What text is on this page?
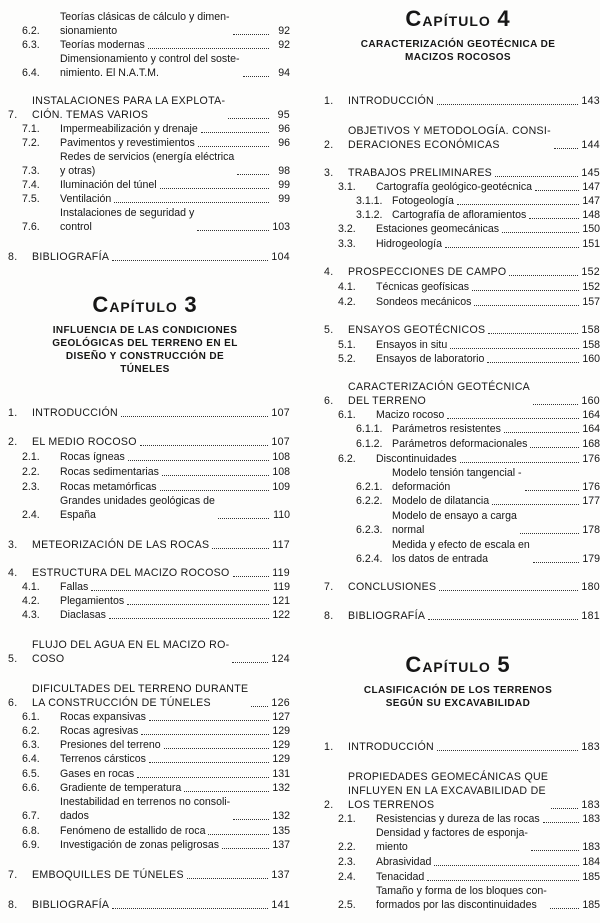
CAPÍTULO 3
INFLUENCIA DE LAS CONDICIONES
GEOLÓGICAS DEL TERRENO EN EL
DISEÑO Y CONSTRUCCIÓN DE
TÚNELES
6.2.
Teorías clásicas de cálculo y dimen-
sionamiento	92
6.3.	Teorías modernas	92
6.4.
Dimensionamiento y control del soste-
nimiento. El N.A.T.M.	94
7.
INSTALACIONES PARA LA EXPLOTA-
CIÓN. TEMAS VARIOS	95
7.1.	Impermeabilización y drenaje	96
7.2.	Pavimentos y revestimientos	96
7.3.
Redes de servicios (energía eléctrica
y otras)	98
7.4.	Iluminación del túnel	99
7.5.	Ventilación	99
7.6.
Instalaciones de seguridad y
control	103
8.	BIBLIOGRAFÍA	104
1.	INTRODUCCIÓN	107
2.	EL MEDIO ROCOSO	107
2.1.	Rocas ígneas	108
2.2.	Rocas sedimentarias	108
2.3.	Rocas metamórficas	109
2.4.
Grandes unidades geológicas de
España	110
3.	METEORIZACIÓN DE LAS ROCAS	117
4.	ESTRUCTURA DEL MACIZO ROCOSO	119
4.1.	Fallas	119
4.2.	Plegamientos	121
4.3.	Diaclasas	122
5.
FLUJO DEL AGUA EN EL MACIZO RO-
COSO	124
6.
DIFICULTADES DEL TERRENO DURANTE
LA CONSTRUCCIÓN DE TÚNELES	126
6.1.	Rocas expansivas	127
6.2.	Rocas agresivas	129
6.3.	Presiones del terreno	129
6.4.	Terrenos cársticos	129
6.5.	Gases en rocas	131
6.6.	Gradiente de temperatura	132
6.7.
Inestabilidad en terrenos no consoli-
dados	132
6.8.	Fenómeno de estallido de roca	135
6.9.	Investigación de zonas peligrosas	137
7.	EMBOQUILLES DE TÚNELES	137
8.	BIBLIOGRAFÍA	141
CAPÍTULO 4
CARACTERIZACIÓN GEOTÉCNICA DE
MACIZOS ROCOSOS
CAPÍTULO 5
CLASIFICACIÓN DE LOS TERRENOS
SEGÚN SU EXCAVABILIDAD
1.	INTRODUCCIÓN	143
2.
OBJETIVOS Y METODOLOGÍA. CONSI-
DERACIONES ECONÓMICAS	144
3.	TRABAJOS PRELIMINARES	145
3.1.	Cartografía geológico-geotécnica	147
3.1.1. Fotogeología	147
3.1.2. Cartografía de afloramientos	148
3.2.	Estaciones geomecánicas	150
3.3.	Hidrogeología	151
4.	PROSPECCIONES DE CAMPO	152
4.1.	Técnicas geofísicas	152
4.2.	Sondeos mecánicos	157
5.	ENSAYOS GEOTÉCNICOS	158
5.1.	Ensayos in situ	158
5.2.	Ensayos de laboratorio	160
6.
CARACTERIZACIÓN GEOTÉCNICA
DEL TERRENO	160
6.1.	Macizo rocoso	164
6.1.1. Parámetros resistentes	164
6.1.2. Parámetros deformacionales	168
6.2.	Discontinuidades	176
6.2.1.
Modelo tensión tangencial -
deformación	176
6.2.2. Modelo de dilatancia	177
6.2.3.
Modelo de ensayo a carga
normal	178
6.2.4.
Medida y efecto de escala en
los datos de entrada	179
7.	CONCLUSIONES	180
8.	BIBLIOGRAFÍA	181
1.	INTRODUCCIÓN	183
2.
PROPIEDADES GEOMECÁNICAS QUE
INFLUYEN EN LA EXCAVABILIDAD DE
LOS TERRENOS	183
2.1.	Resistencias y dureza de las rocas	183
2.2.
Densidad y factores de esponja-
miento	183
2.3.	Abrasividad	184
2.4.	Tenacidad	185
2.5.
Tamaño y forma de los bloques con-
formados por las discontinuidades	185
